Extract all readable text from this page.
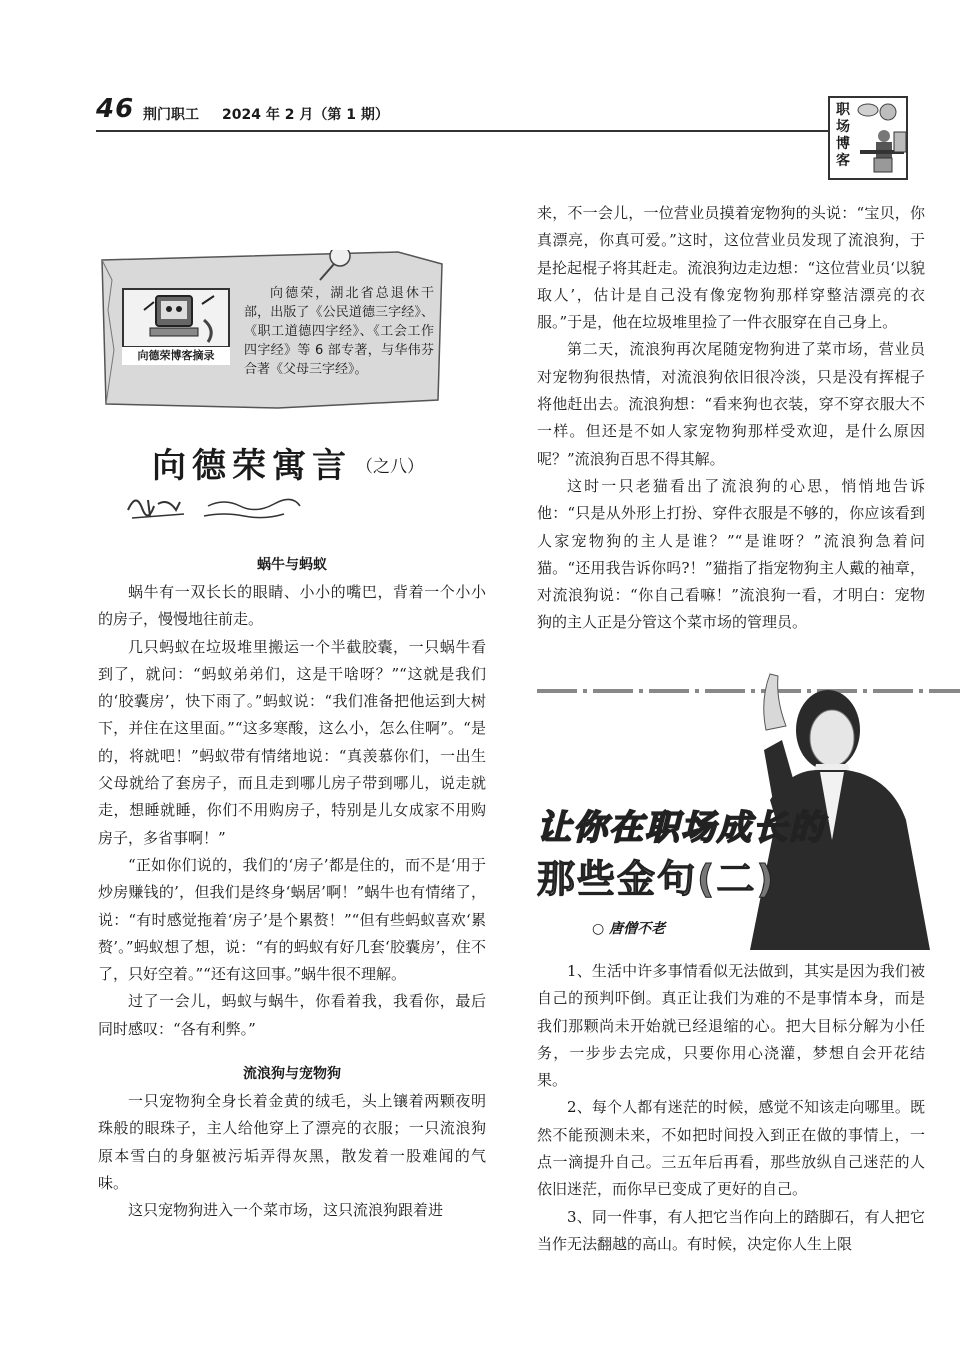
46 荆门职工 2024 年 2 月（第 1 期）	职场博客
向德荣博客摘录
向德荣，湖北省总退休干部，出版了《公民道德三字经》、《职工道德四字经》、《工会工作四字经》等 6 部专著，与华伟芬合著《父母三字经》。
向德荣寓言 （之八）
蜗牛与蚂蚁

蜗牛有一双长长的眼睛、小小的嘴巴，背着一个小小的房子，慢慢地往前走。

几只蚂蚁在垃圾堆里搬运一个半截胶囊，一只蜗牛看到了，就问：“蚂蚁弟弟们，这是干啥呀？”“这就是我们的‘胶囊房’，快下雨了。”蚂蚁说：“我们准备把他运到大树下，并住在这里面。”“这多寒酸，这么小，怎么住啊”。“是的，将就吧！”蚂蚁带有情绪地说：“真羡慕你们，一出生父母就给了套房子，而且走到哪儿房子带到哪儿，说走就走，想睡就睡，你们不用购房子，特别是儿女成家不用购房子，多省事啊！”

“正如你们说的，我们的‘房子’都是住的，而不是‘用于炒房赚钱的’，但我们是终身‘蜗居’啊！”蜗牛也有情绪了，说：“有时感觉拖着‘房子’是个累赘！”“但有些蚂蚁喜欢‘累赘’。”蚂蚁想了想，说：“有的蚂蚁有好几套‘胶囊房’，住不了，只好空着。”“还有这回事。”蜗牛很不理解。

过了一会儿，蚂蚁与蜗牛，你看着我，我看你，最后同时感叹：“各有利弊。”

流浪狗与宠物狗

一只宠物狗全身长着金黄的绒毛，头上镶着两颗夜明珠般的眼珠子，主人给他穿上了漂亮的衣服；一只流浪狗原本雪白的身躯被污垢弄得灰黑，散发着一股难闻的气味。

这只宠物狗进入一个菜市场，这只流浪狗跟着进

来，不一会儿，一位营业员摸着宠物狗的头说：“宝贝，你真漂亮，你真可爱。”这时，这位营业员发现了流浪狗，于是抡起棍子将其赶走。流浪狗边走边想：“这位营业员‘以貌取人’，估计是自己没有像宠物狗那样穿整洁漂亮的衣服。”于是，他在垃圾堆里捡了一件衣服穿在自己身上。

第二天，流浪狗再次尾随宠物狗进了菜市场，营业员对宠物狗很热情，对流浪狗依旧很冷淡，只是没有挥棍子将他赶出去。流浪狗想：“看来狗也衣装，穿不穿衣服大不一样。但还是不如人家宠物狗那样受欢迎，是什么原因呢？”流浪狗百思不得其解。

这时一只老猫看出了流浪狗的心思，悄悄地告诉他：“只是从外形上打扮、穿件衣服是不够的，你应该看到人家宠物狗的主人是谁？”“是谁呀？”流浪狗急着问猫。“还用我告诉你吗?！”猫指了指宠物狗主人戴的袖章，对流浪狗说：“你自己看嘛！”流浪狗一看，才明白：宠物狗的主人正是分管这个菜市场的管理员。

让你在职场成长的
那些金句(二)
○ 唐僧不老

1、生活中许多事情看似无法做到，其实是因为我们被自己的预判吓倒。真正让我们为难的不是事情本身，而是我们那颗尚未开始就已经退缩的心。把大目标分解为小任务，一步步去完成，只要你用心浇灌，梦想自会开花结果。

2、每个人都有迷茫的时候，感觉不知该走向哪里。既然不能预测未来，不如把时间投入到正在做的事情上，一点一滴提升自己。三五年后再看，那些放纵自己迷茫的人依旧迷茫，而你早已变成了更好的自己。

3、同一件事，有人把它当作向上的踏脚石，有人把它当作无法翻越的高山。有时候，决定你人生上限
